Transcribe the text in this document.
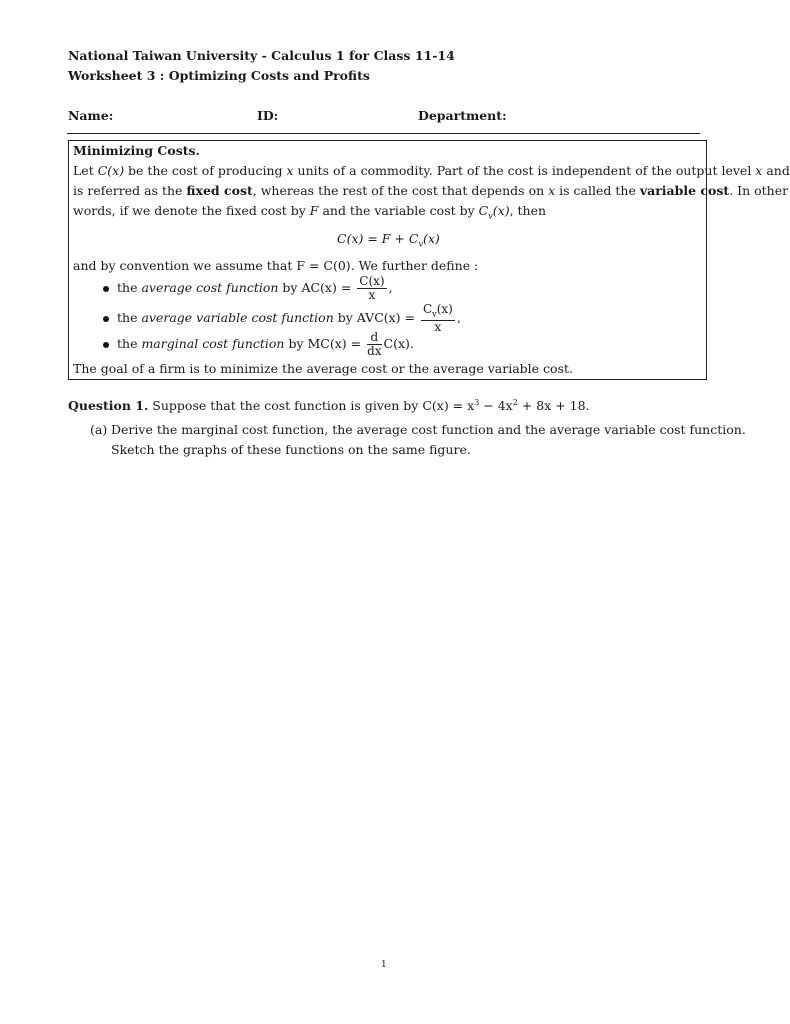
National Taiwan University - Calculus 1 for Class 11-14
Worksheet 3 : Optimizing Costs and Profits
Name:	ID:	Department:
Minimizing Costs.
Let C(x) be the cost of producing x units of a commodity. Part of the cost is independent of the output level x and
is referred as the fixed cost, whereas the rest of the cost that depends on x is called the variable cost. In other
words, if we denote the fixed cost by F and the variable cost by $C_v(x)$, then
$C(x) = F + C_v(x)$
and by convention we assume that F = C(0). We further define :
the average cost function by $AC(x) = \frac{C(x)}{x}$ ,
the average variable cost function by $AVC(x) = \frac{C_v(x)}{x}$ ,
the marginal cost function by $MC(x) = \frac{d}{dx} C(x)$.
The goal of a firm is to minimize the average cost or the average variable cost.
Question 1. Suppose that the cost function is given by $C(x) = x^3 - 4x^2 + 8x + 18$.
(a) Derive the marginal cost function, the average cost function and the average variable cost function.
Sketch the graphs of these functions on the same figure.
1
